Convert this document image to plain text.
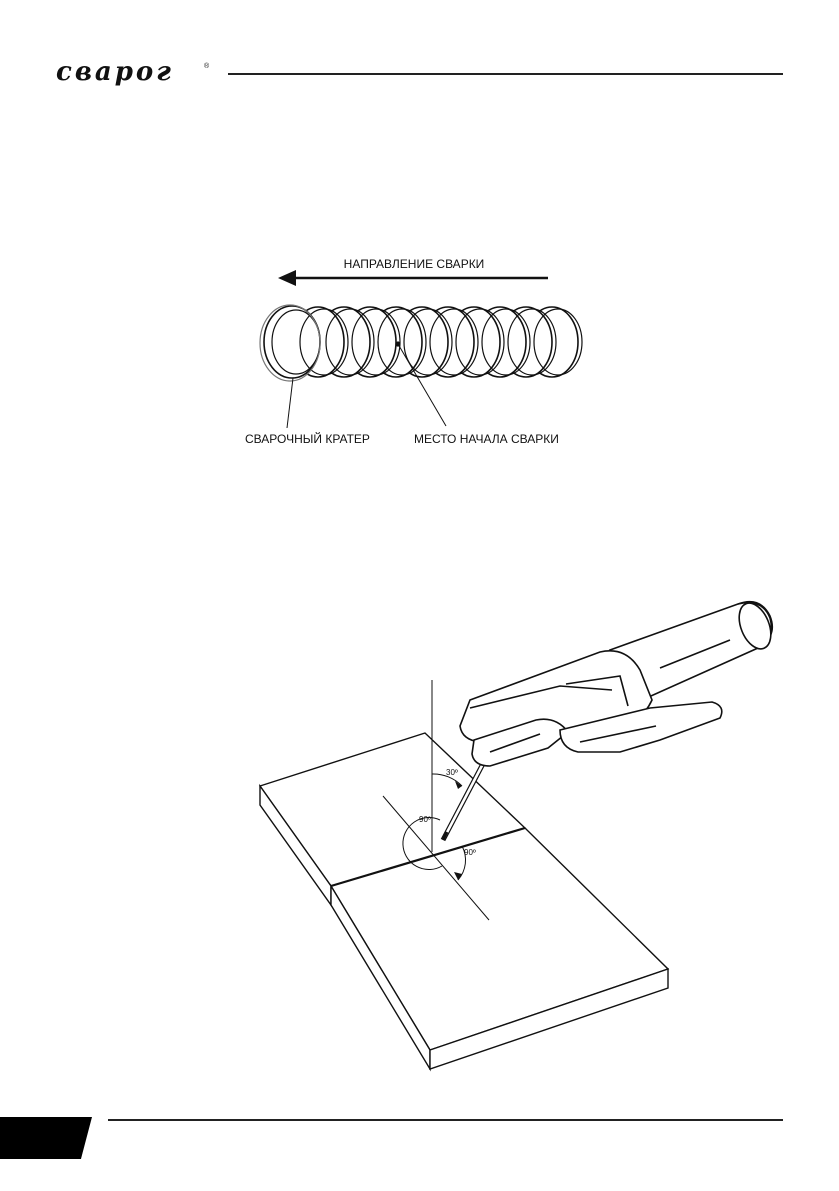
сварог	®
НАПРАВЛЕНИЕ СВАРКИ
СВАРОЧНЫЙ КРАТЕР	МЕСТО НАЧАЛА СВАРКИ
30º
90º
90º
